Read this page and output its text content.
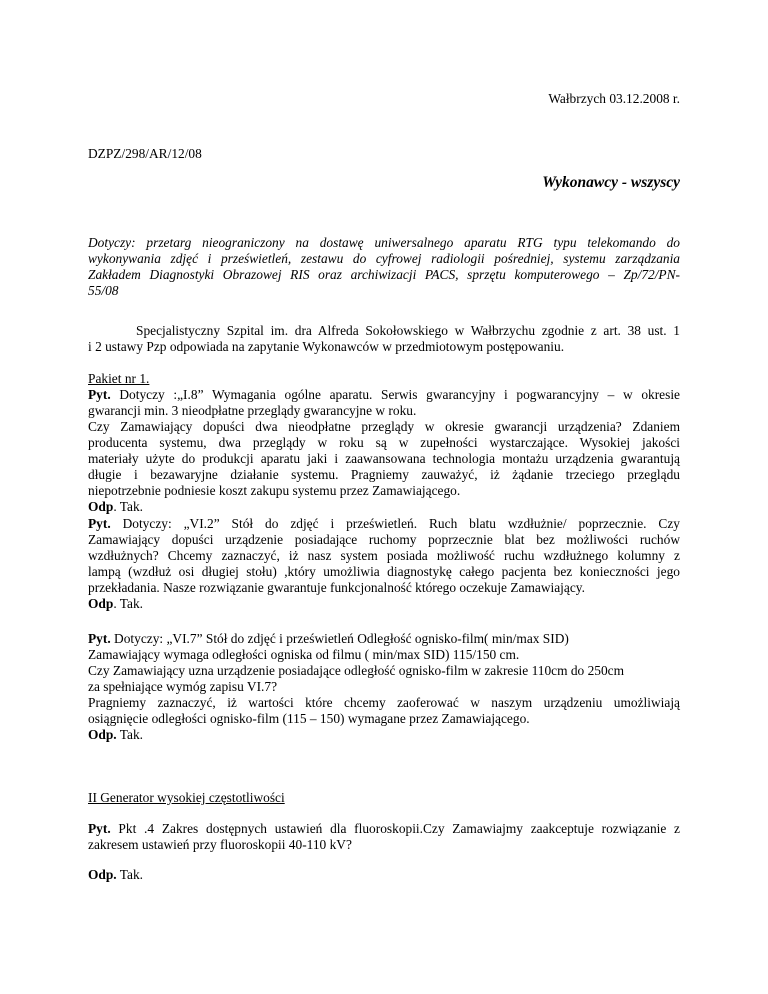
Wałbrzych 03.12.2008 r.
DZPZ/298/AR/12/08
Wykonawcy - wszyscy
Dotyczy: przetarg nieograniczony na dostawę uniwersalnego aparatu RTG typu telekomando do
wykonywania zdjęć i prześwietleń, zestawu do cyfrowej radiologii pośredniej, systemu zarządzania
Zakładem Diagnostyki Obrazowej RIS oraz archiwizacji PACS, sprzętu komputerowego – Zp/72/PN-
55/08
Specjalistyczny Szpital im. dra Alfreda Sokołowskiego w Wałbrzychu zgodnie z art. 38 ust. 1
i 2 ustawy Pzp odpowiada na zapytanie Wykonawców w przedmiotowym postępowaniu.
Pakiet nr 1.
Pyt. Dotyczy :„I.8” Wymagania ogólne aparatu. Serwis gwarancyjny i pogwarancyjny – w okresie
gwarancji min. 3 nieodpłatne przeglądy gwarancyjne w roku.
Czy Zamawiający dopuści dwa nieodpłatne przeglądy w okresie gwarancji urządzenia? Zdaniem
producenta systemu, dwa przeglądy w roku są w zupełności wystarczające. Wysokiej jakości
materiały użyte do produkcji aparatu jaki i zaawansowana technologia montażu urządzenia gwarantują
długie i bezawaryjne działanie systemu. Pragniemy zauważyć, iż żądanie trzeciego przeglądu
niepotrzebnie podniesie koszt zakupu systemu przez Zamawiającego.
Odp. Tak.
Pyt. Dotyczy: „VI.2” Stół do zdjęć i prześwietleń. Ruch blatu wzdłużnie/ poprzecznie. Czy
Zamawiający dopuści urządzenie posiadające ruchomy poprzecznie blat bez możliwości ruchów
wzdłużnych? Chcemy zaznaczyć, iż nasz system posiada możliwość ruchu wzdłużnego kolumny z
lampą (wzdłuż osi długiej stołu) ,który umożliwia diagnostykę całego pacjenta bez konieczności jego
przekładania. Nasze rozwiązanie gwarantuje funkcjonalność którego oczekuje Zamawiający.
Odp. Tak.
Pyt. Dotyczy: „VI.7” Stół do zdjęć i prześwietleń Odległość ognisko-film( min/max SID)
Zamawiający wymaga odległości ogniska od filmu ( min/max SID) 115/150 cm.
Czy Zamawiający uzna urządzenie posiadające odległość ognisko-film w zakresie 110cm do 250cm
za spełniające wymóg zapisu VI.7?
Pragniemy zaznaczyć, iż wartości które chcemy zaoferować w naszym urządzeniu umożliwiają
osiągnięcie odległości ognisko-film (115 – 150) wymagane przez Zamawiającego.
Odp. Tak.
II Generator wysokiej częstotliwości
Pyt. Pkt .4 Zakres dostępnych ustawień dla fluoroskopii.Czy Zamawiajmy zaakceptuje rozwiązanie z
zakresem ustawień przy fluoroskopii 40-110 kV?
Odp. Tak.
